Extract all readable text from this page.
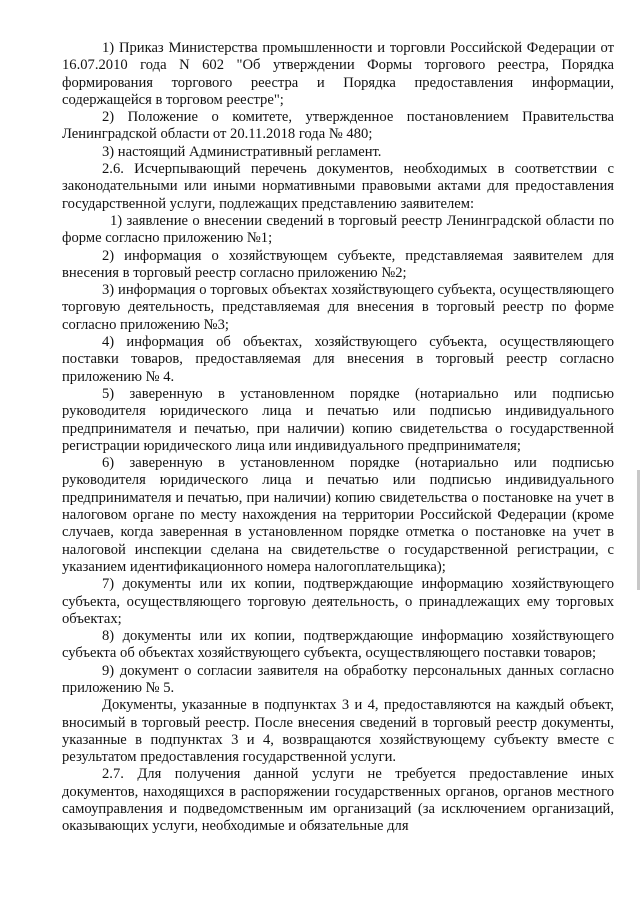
1) Приказ Министерства промышленности и торговли Российской Федерации от 16.07.2010 года N 602 "Об утверждении Формы торгового реестра, Порядка формирования торгового реестра и Порядка предоставления информации, содержащейся в торговом реестре";

2) Положение о комитете, утвержденное постановлением Правительства Ленинградской области от 20.11.2018 года № 480;

3) настоящий Административный регламент.

2.6. Исчерпывающий перечень документов, необходимых в соответствии с законодательными или иными нормативными правовыми актами для предоставления государственной услуги, подлежащих представлению заявителем:

1) заявление о внесении сведений в торговый реестр Ленинградской области по форме согласно приложению №1;

2) информация о хозяйствующем субъекте, представляемая заявителем для внесения в торговый реестр согласно приложению №2;

3) информация о торговых объектах хозяйствующего субъекта, осуществляющего торговую деятельность, представляемая для внесения в торговый реестр по форме согласно приложению №3;

4) информация об объектах, хозяйствующего субъекта, осуществляющего поставки товаров, предоставляемая для внесения в торговый реестр согласно приложению № 4.

5) заверенную в установленном порядке (нотариально или подписью руководителя юридического лица и печатью или подписью индивидуального предпринимателя и печатью, при наличии) копию свидетельства о государственной регистрации юридического лица или индивидуального предпринимателя;

6) заверенную в установленном порядке (нотариально или подписью руководителя юридического лица и печатью или подписью индивидуального предпринимателя и печатью, при наличии) копию свидетельства о постановке на учет в налоговом органе по месту нахождения на территории Российской Федерации (кроме случаев, когда заверенная в установленном порядке отметка о постановке на учет в налоговой инспекции сделана на свидетельстве о государственной регистрации, с указанием идентификационного номера налогоплательщика);

7) документы или их копии, подтверждающие информацию хозяйствующего субъекта, осуществляющего торговую деятельность, о принадлежащих ему торговых объектах;

8) документы или их копии, подтверждающие информацию хозяйствующего субъекта об объектах хозяйствующего субъекта, осуществляющего поставки товаров;

9) документ о согласии заявителя на обработку персональных данных согласно приложению № 5.

Документы, указанные в подпунктах 3 и 4, предоставляются на каждый объект, вносимый в торговый реестр. После внесения сведений в торговый реестр документы, указанные в подпунктах 3 и 4, возвращаются хозяйствующему субъекту вместе с результатом предоставления государственной услуги.

2.7. Для получения данной услуги не требуется предоставление иных документов, находящихся в распоряжении государственных органов, органов местного самоуправления и подведомственным им организаций (за исключением организаций, оказывающих услуги, необходимые и обязательные для
